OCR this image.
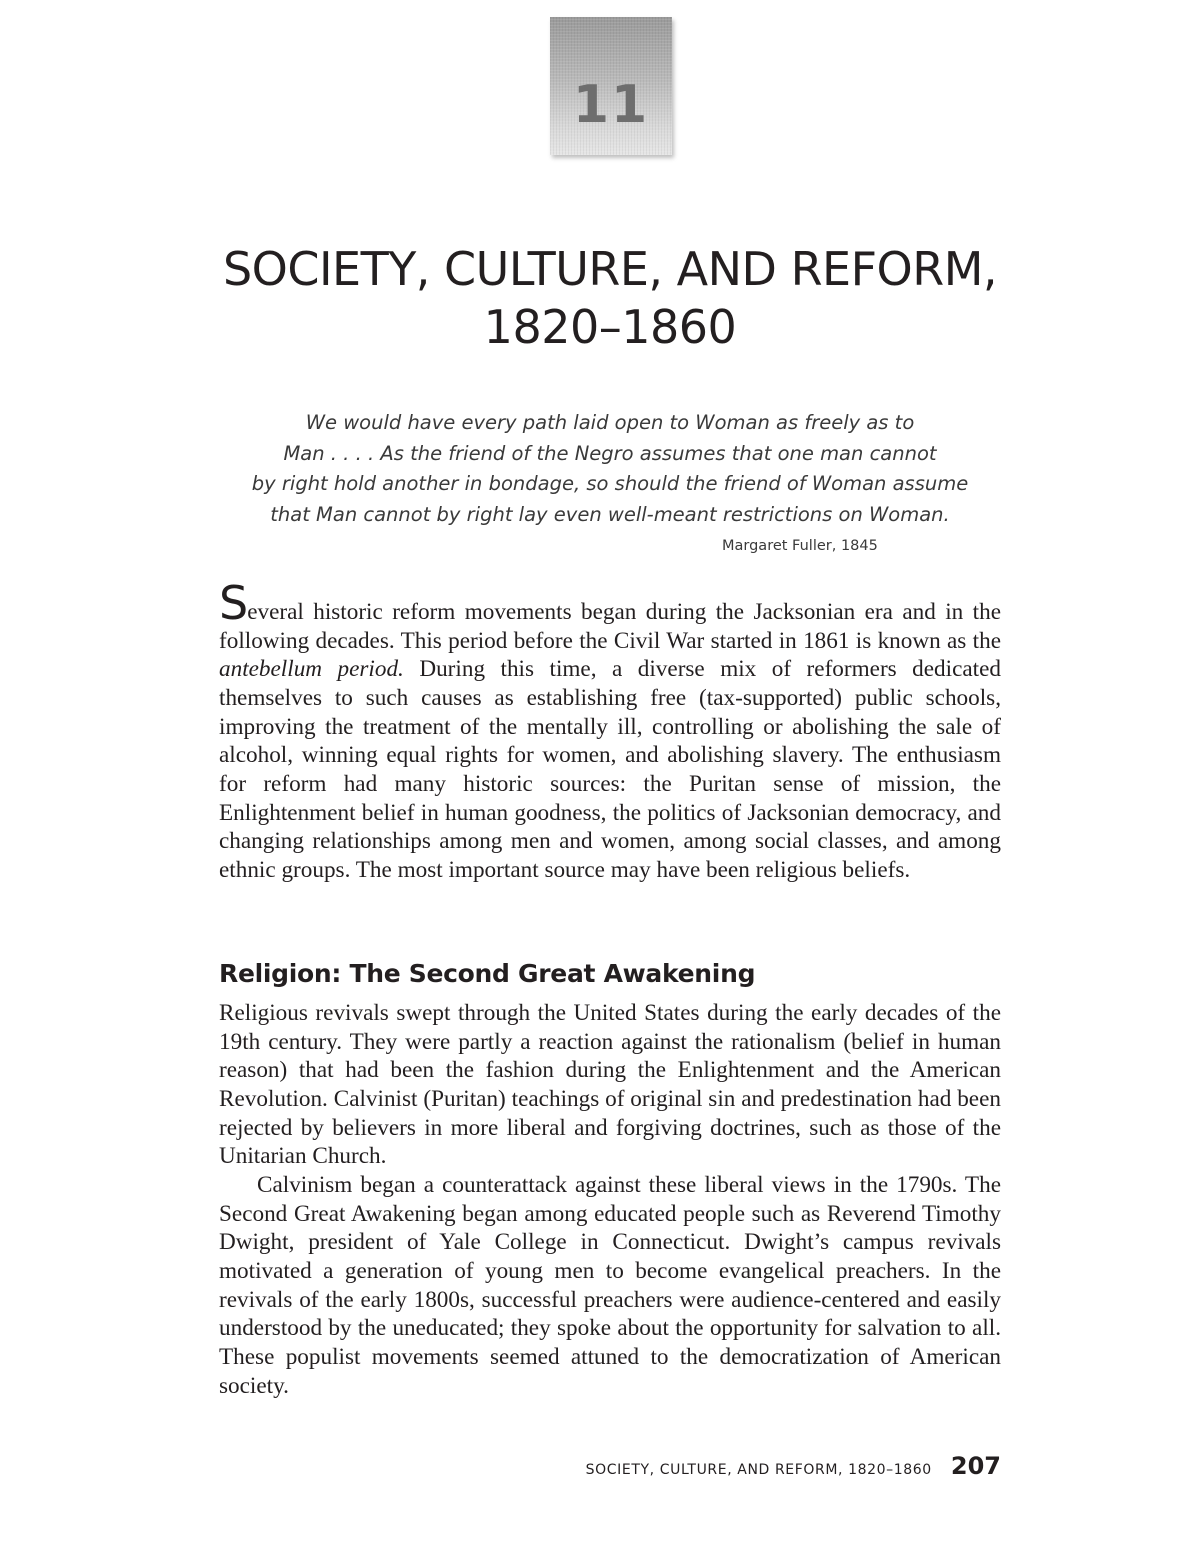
11
SOCIETY, CULTURE, AND REFORM,
1820–1860
We would have every path laid open to Woman as freely as to
Man . . . . As the friend of the Negro assumes that one man cannot
by right hold another in bondage, so should the friend of Woman assume
that Man cannot by right lay even well-meant restrictions on Woman.
Margaret Fuller, 1845

Several historic reform movements began during the Jacksonian era and in the following decades. This period before the Civil War started in 1861 is known as the antebellum period. During this time, a diverse mix of reformers dedicated themselves to such causes as establishing free (tax-supported) public schools, improving the treatment of the mentally ill, controlling or abolishing the sale of alcohol, winning equal rights for women, and abolishing slavery. The enthusiasm for reform had many historic sources: the Puritan sense of mission, the Enlightenment belief in human goodness, the politics of Jacksonian democracy, and changing relationships among men and women, among social classes, and among ethnic groups. The most important source may have been religious beliefs.

Religion: The Second Great Awakening

Religious revivals swept through the United States during the early decades of the 19th century. They were partly a reaction against the rationalism (belief in human reason) that had been the fashion during the Enlightenment and the American Revolution. Calvinist (Puritan) teachings of original sin and predestination had been rejected by believers in more liberal and forgiving doctrines, such as those of the Unitarian Church.

Calvinism began a counterattack against these liberal views in the 1790s. The Second Great Awakening began among educated people such as Reverend Timothy Dwight, president of Yale College in Connecticut. Dwight’s campus revivals motivated a generation of young men to become evangelical preachers. In the revivals of the early 1800s, successful preachers were audience-centered and easily understood by the uneducated; they spoke about the opportunity for salvation to all. These populist movements seemed attuned to the democratization of American society.

SOCIETY, CULTURE, AND REFORM, 1820–1860 207
